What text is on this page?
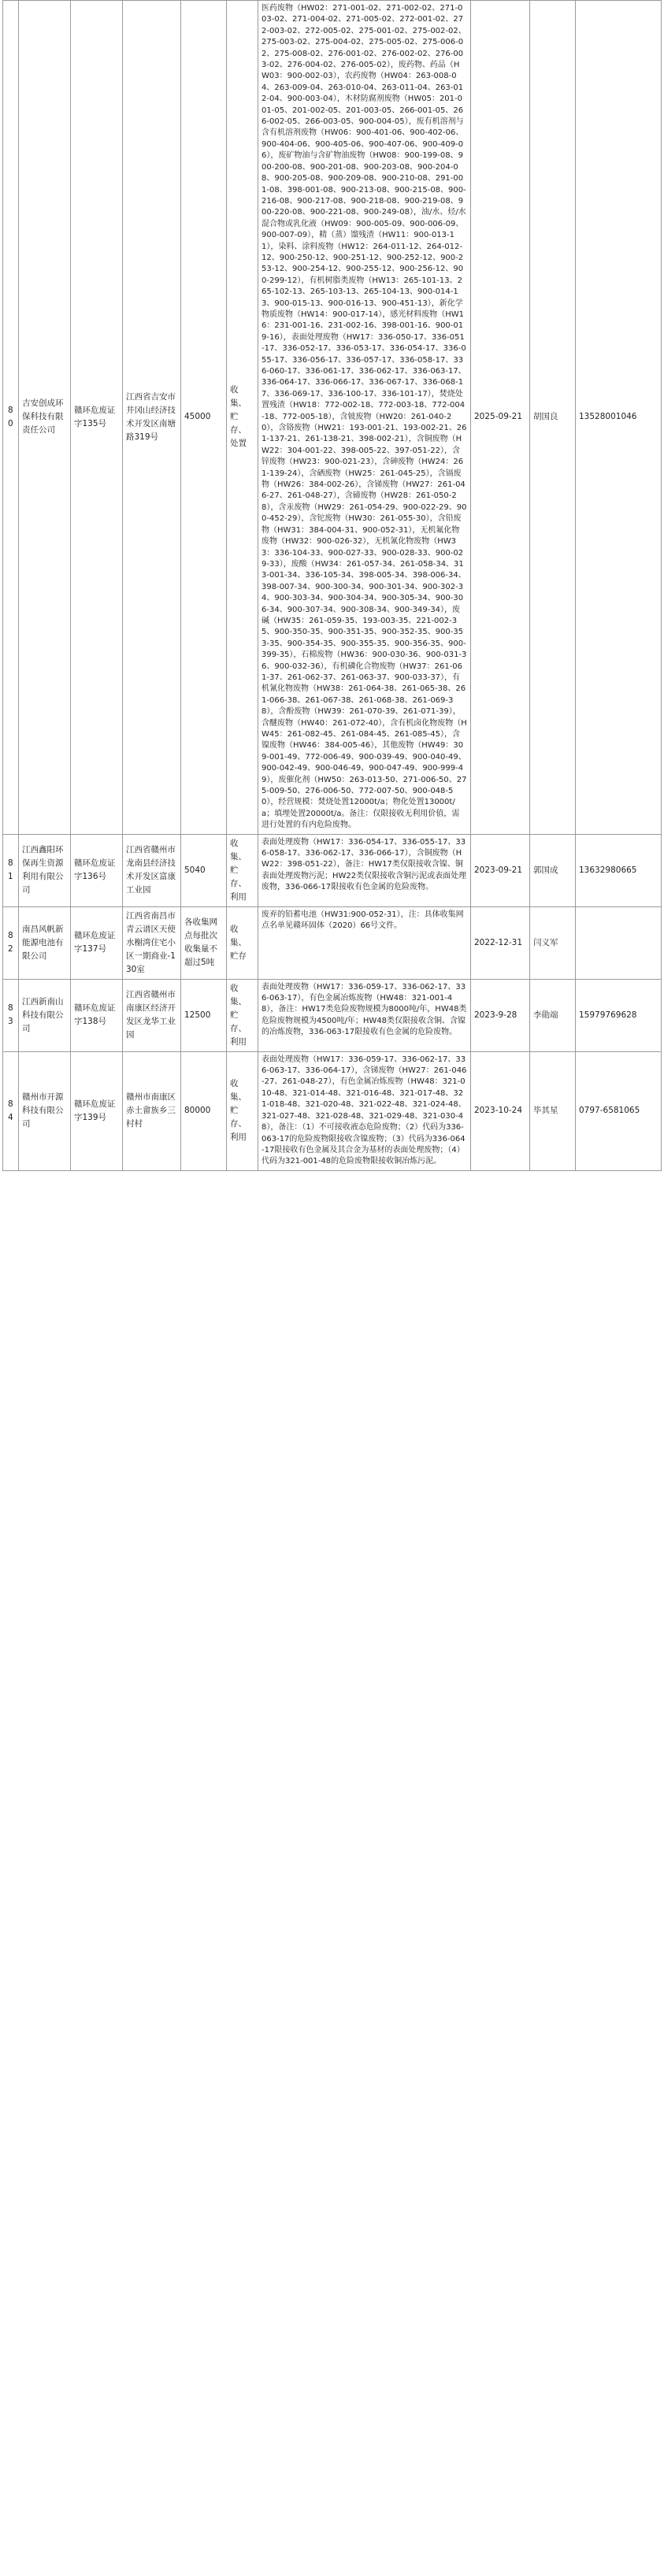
80	吉安创成环保科技有限责任公司	赣环危废证字135号	江西省吉安市井冈山经济技术开发区南塘路319号	45000	收集、贮存、处置	医药废物（HW02：271-001-02、271-002-02、271-003-02、271-004-02、271-005-02、272-001-02、272-003-02、272-005-02、275-001-02、275-002-02、275-003-02、275-004-02、275-005-02、275-006-02、275-008-02、276-001-02、276-002-02、276-003-02、276-004-02、276-005-02），废药物、药品（HW03：900-002-03），农药废物（HW04：263-008-04、263-009-04、263-010-04、263-011-04、263-012-04、900-003-04），木材防腐剂废物（HW05：201-001-05、201-002-05、201-003-05、266-001-05、266-002-05、266-003-05、900-004-05），废有机溶剂与含有机溶剂废物（HW06：900-401-06、900-402-06、900-404-06、900-405-06、900-407-06、900-409-06），废矿物油与含矿物油废物（HW08：900-199-08、900-200-08、900-201-08、900-203-08、900-204-08、900-205-08、900-209-08、900-210-08、291-001-08、398-001-08、900-213-08、900-215-08、900-216-08、900-217-08、900-218-08、900-219-08、900-220-08、900-221-08、900-249-08），油/水、烃/水混合物或乳化液（HW09：900-005-09、900-006-09、900-007-09），精（蒸）馏残渣（HW11：900-013-11），染料、涂料废物（HW12：264-011-12、264-012-12、900-250-12、900-251-12、900-252-12、900-253-12、900-254-12、900-255-12、900-256-12、900-299-12），有机树脂类废物（HW13：265-101-13、265-102-13、265-103-13、265-104-13、900-014-13、900-015-13、900-016-13、900-451-13），新化学物质废物（HW14：900-017-14），感光材料废物（HW16：231-001-16、231-002-16、398-001-16、900-019-16），表面处理废物（HW17：336-050-17、336-051-17、336-052-17、336-053-17、336-054-17、336-055-17、336-056-17、336-057-17、336-058-17、336-060-17、336-061-17、336-062-17、336-063-17、336-064-17、336-066-17、336-067-17、336-068-17、336-069-17、336-100-17、336-101-17），焚烧处置残渣（HW18：772-002-18、772-003-18、772-004-18、772-005-18），含铍废物（HW20：261-040-20），含铬废物（HW21：193-001-21、193-002-21、261-137-21、261-138-21、398-002-21），含铜废物（HW22：304-001-22、398-005-22、397-051-22），含锌废物（HW23：900-021-23），含砷废物（HW24：261-139-24），含硒废物（HW25：261-045-25），含镉废物（HW26：384-002-26），含锑废物（HW27：261-046-27、261-048-27），含碲废物（HW28：261-050-28），含汞废物（HW29：261-054-29、900-022-29、900-452-29），含铊废物（HW30：261-055-30），含铅废物（HW31：384-004-31、900-052-31），无机氟化物废物（HW32：900-026-32），无机氰化物废物（HW33：336-104-33、900-027-33、900-028-33、900-029-33），废酸（HW34：261-057-34、261-058-34、313-001-34、336-105-34、398-005-34、398-006-34、398-007-34、900-300-34、900-301-34、900-302-34、900-303-34、900-304-34、900-305-34、900-306-34、900-307-34、900-308-34、900-349-34），废碱（HW35：261-059-35、193-003-35、221-002-35、900-350-35、900-351-35、900-352-35、900-353-35、900-354-35、900-355-35、900-356-35、900-399-35），石棉废物（HW36：900-030-36、900-031-36、900-032-36），有机磷化合物废物（HW37：261-061-37、261-062-37、261-063-37、900-033-37），有机氰化物废物（HW38：261-064-38、261-065-38、261-066-38、261-067-38、261-068-38、261-069-38），含酚废物（HW39：261-070-39、261-071-39），含醚废物（HW40：261-072-40），含有机卤化物废物（HW45：261-082-45、261-084-45、261-085-45），含镍废物（HW46：384-005-46），其他废物（HW49：309-001-49、772-006-49、900-039-49、900-040-49、900-042-49、900-046-49、900-047-49、900-999-49），废催化剂（HW50：263-013-50、271-006-50、275-009-50、276-006-50、772-007-50、900-048-50），经营规模：焚烧处置12000t/a；物化处置13000t/a；填埋处置20000t/a。备注：仅限接收无利用价值，需进行处置的有内危险废物。	2025-09-21	胡国良	13528001046
81	江西鑫阳环保再生资源利用有限公司	赣环危废证字136号	江西省赣州市龙南县经济技术开发区富康工业园	5040	收集、贮存、利用	表面处理废物（HW17：336-054-17、336-055-17、336-058-17、336-062-17、336-066-17），含铜废物（HW22：398-051-22），备注：HW17类仅限接收含镍、铜表面处理废物污泥；HW22类仅限接收含铜污泥或表面处理废物，336-066-17限接收有色金属的危险废物。	2023-09-21	郭国成	13632980665
82	南昌风帆新能源电池有限公司	赣环危废证字137号	江西省南昌市青云谱区天使水榭湾住宅小区一期商业-130室	各收集网点每批次收集量不超过5吨	收集、贮存	废弃的铅蓄电池（HW31:900-052-31），注：具体收集网点名单见赣环固体（2020）66号文件。	2022-12-31	闫义军	
83	江西新南山科技有限公司	赣环危废证字138号	江西省赣州市南康区经济开发区龙华工业园	12500	收集、贮存、利用	表面处理废物（HW17：336-059-17、336-062-17、336-063-17），有色金属冶炼废物（HW48：321-001-48），备注：HW17类危险废物规模为8000吨/年，HW48类危险废物规模为4500吨/年；HW48类仅限接收含铜、含镍的冶炼废物，336-063-17限接收有色金属的危险废物。	2023-9-28	李勋端	15979769628
84	赣州市开源科技有限公司	赣环危废证字139号	赣州市南康区赤土畲族乡三村村	80000	收集、贮存、利用	表面处理废物（HW17：336-059-17、336-062-17、336-063-17、336-064-17），含锑废物（HW27：261-046-27、261-048-27），有色金属冶炼废物（HW48：321-010-48、321-014-48、321-016-48、321-017-48、321-018-48、321-020-48、321-022-48、321-024-48、321-027-48、321-028-48、321-029-48、321-030-48），备注：（1）不可接收液态危险废物；（2）代码为336-063-17的危险废物限接收含镍废物；（3）代码为336-064-17限接收有色金属及其合金为基材的表面处理废物；（4）代码为321-001-48的危险废物限接收铜冶炼污泥。	2023-10-24	毕其星	0797-6581065
